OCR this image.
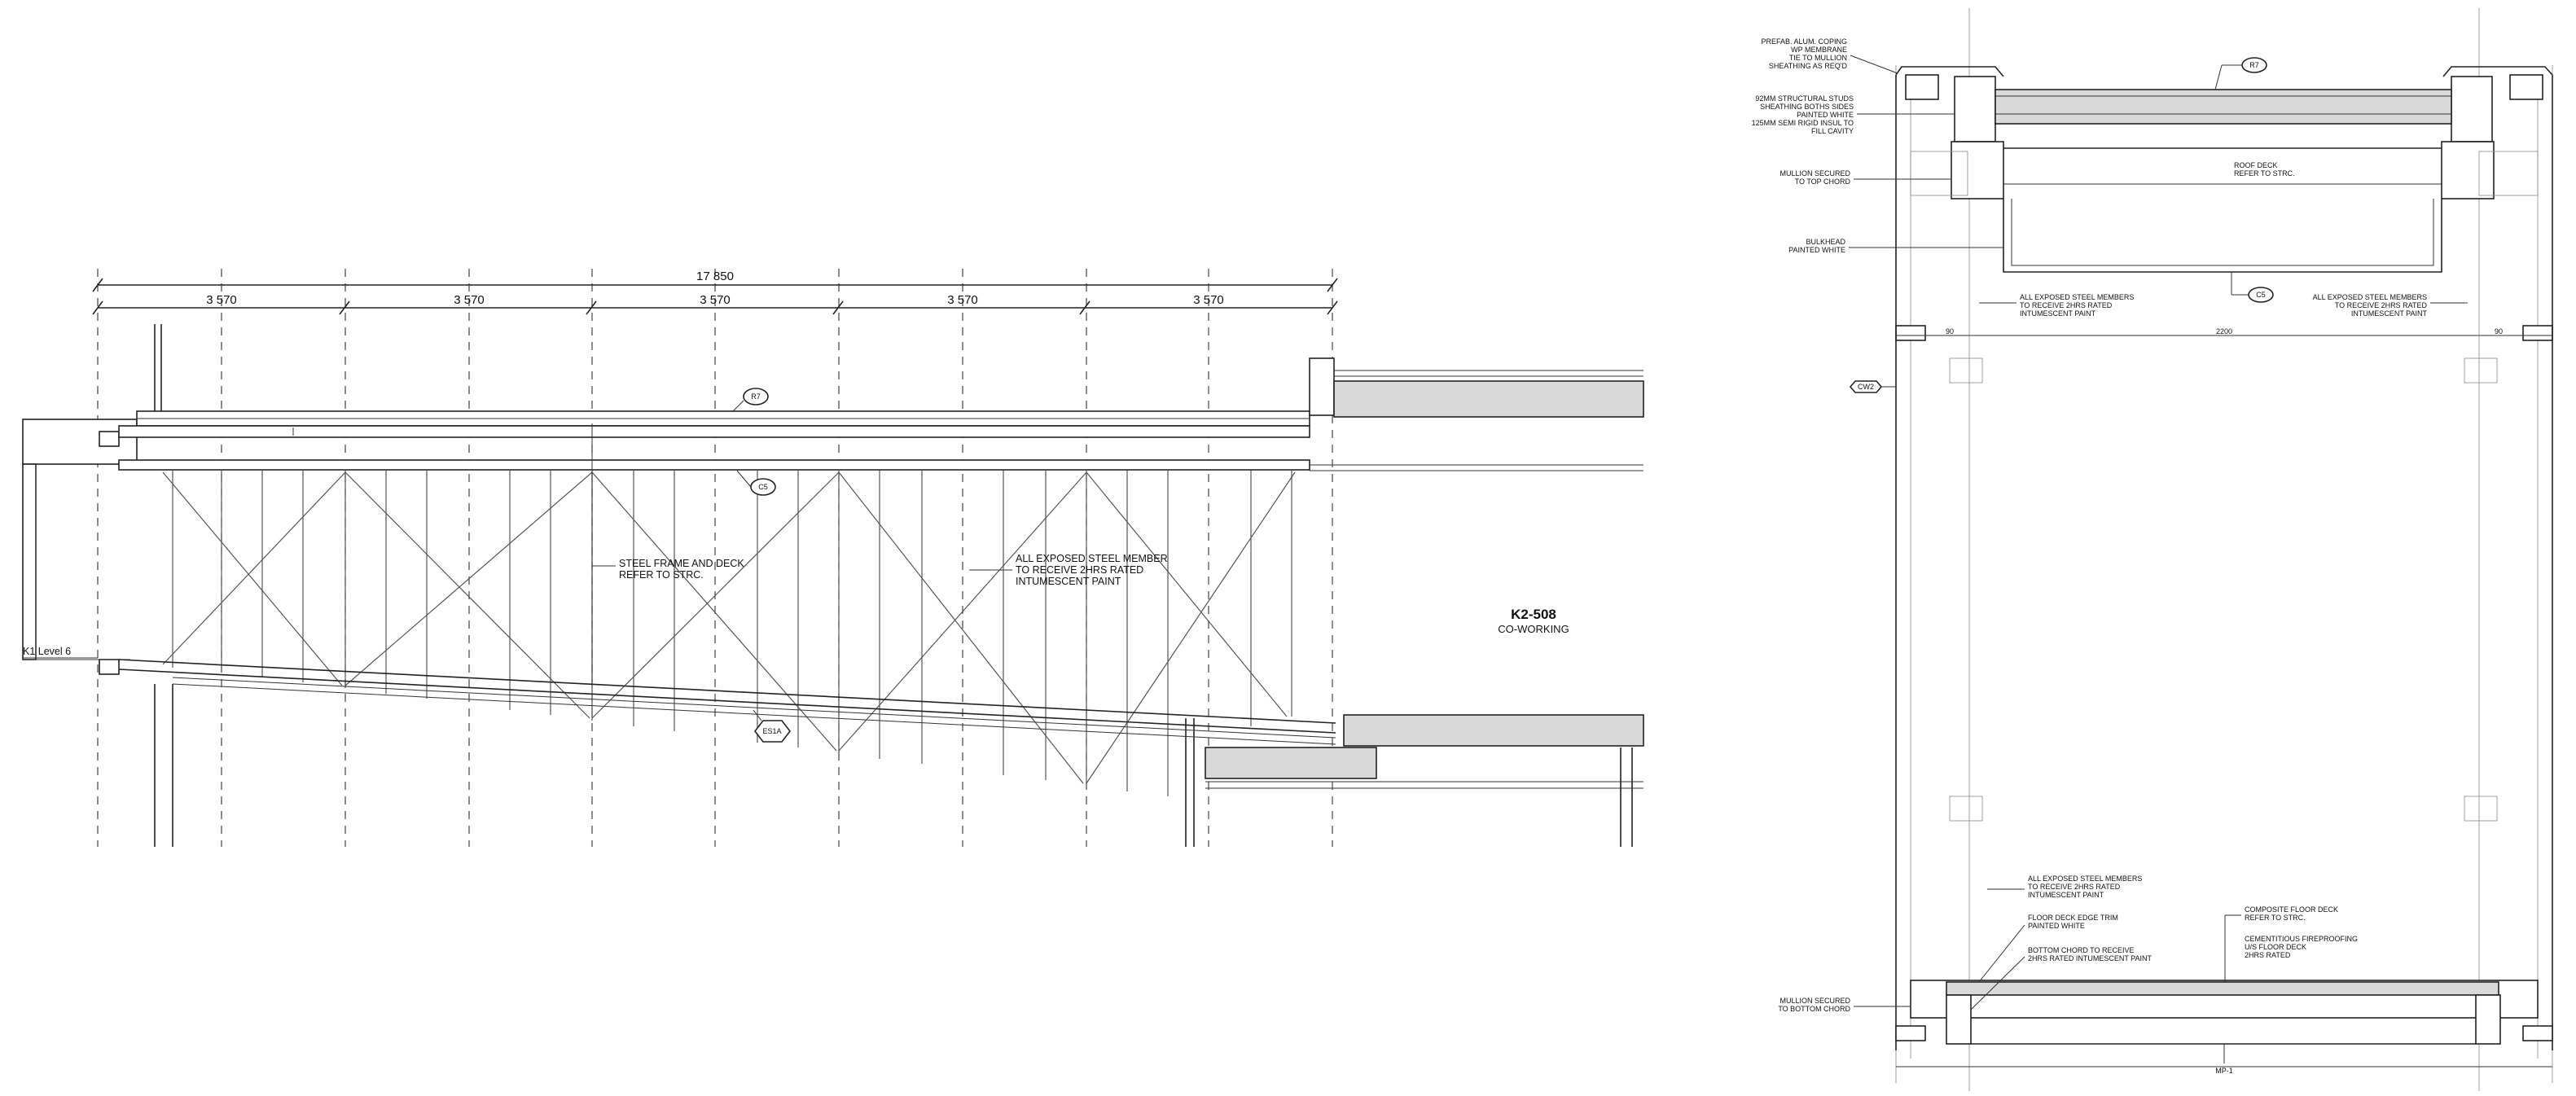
17 850
3 570	3 570	3 570	3 570	3 570
R7
C5
ES1A
K1 Level 6
STEEL FRAME AND DECK
REFER TO STRC.
ALL EXPOSED STEEL MEMBER
TO RECEIVE 2HRS RATED
INTUMESCENT PAINT
K2-508
CO-WORKING
90	2200	90
PREFAB. ALUM. COPING
WP MEMBRANE
TIE TO MULLION
SHEATHING AS REQ'D
92MM STRUCTURAL STUDS
SHEATHING BOTHS SIDES
PAINTED WHITE
125MM SEMI RIGID INSUL TO
FILL CAVITY
MULLION SECURED
TO TOP CHORD
BULKHEAD
PAINTED WHITE
MULLION SECURED
TO BOTTOM CHORD
R7
C5
CW2
MP-1
ROOF DECK
REFER TO STRC.
ALL EXPOSED STEEL MEMBERS
TO RECEIVE 2HRS RATED
INTUMESCENT PAINT
ALL EXPOSED STEEL MEMBERS
TO RECEIVE 2HRS RATED
INTUMESCENT PAINT
ALL EXPOSED STEEL MEMBERS
TO RECEIVE 2HRS RATED
INTUMESCENT PAINT
FLOOR DECK EDGE TRIM
PAINTED WHITE
BOTTOM CHORD TO RECEIVE
2HRS RATED INTUMESCENT PAINT
COMPOSITE FLOOR DECK
REFER TO STRC.
CEMENTITIOUS FIREPROOFING
U/S FLOOR DECK
2HRS RATED
